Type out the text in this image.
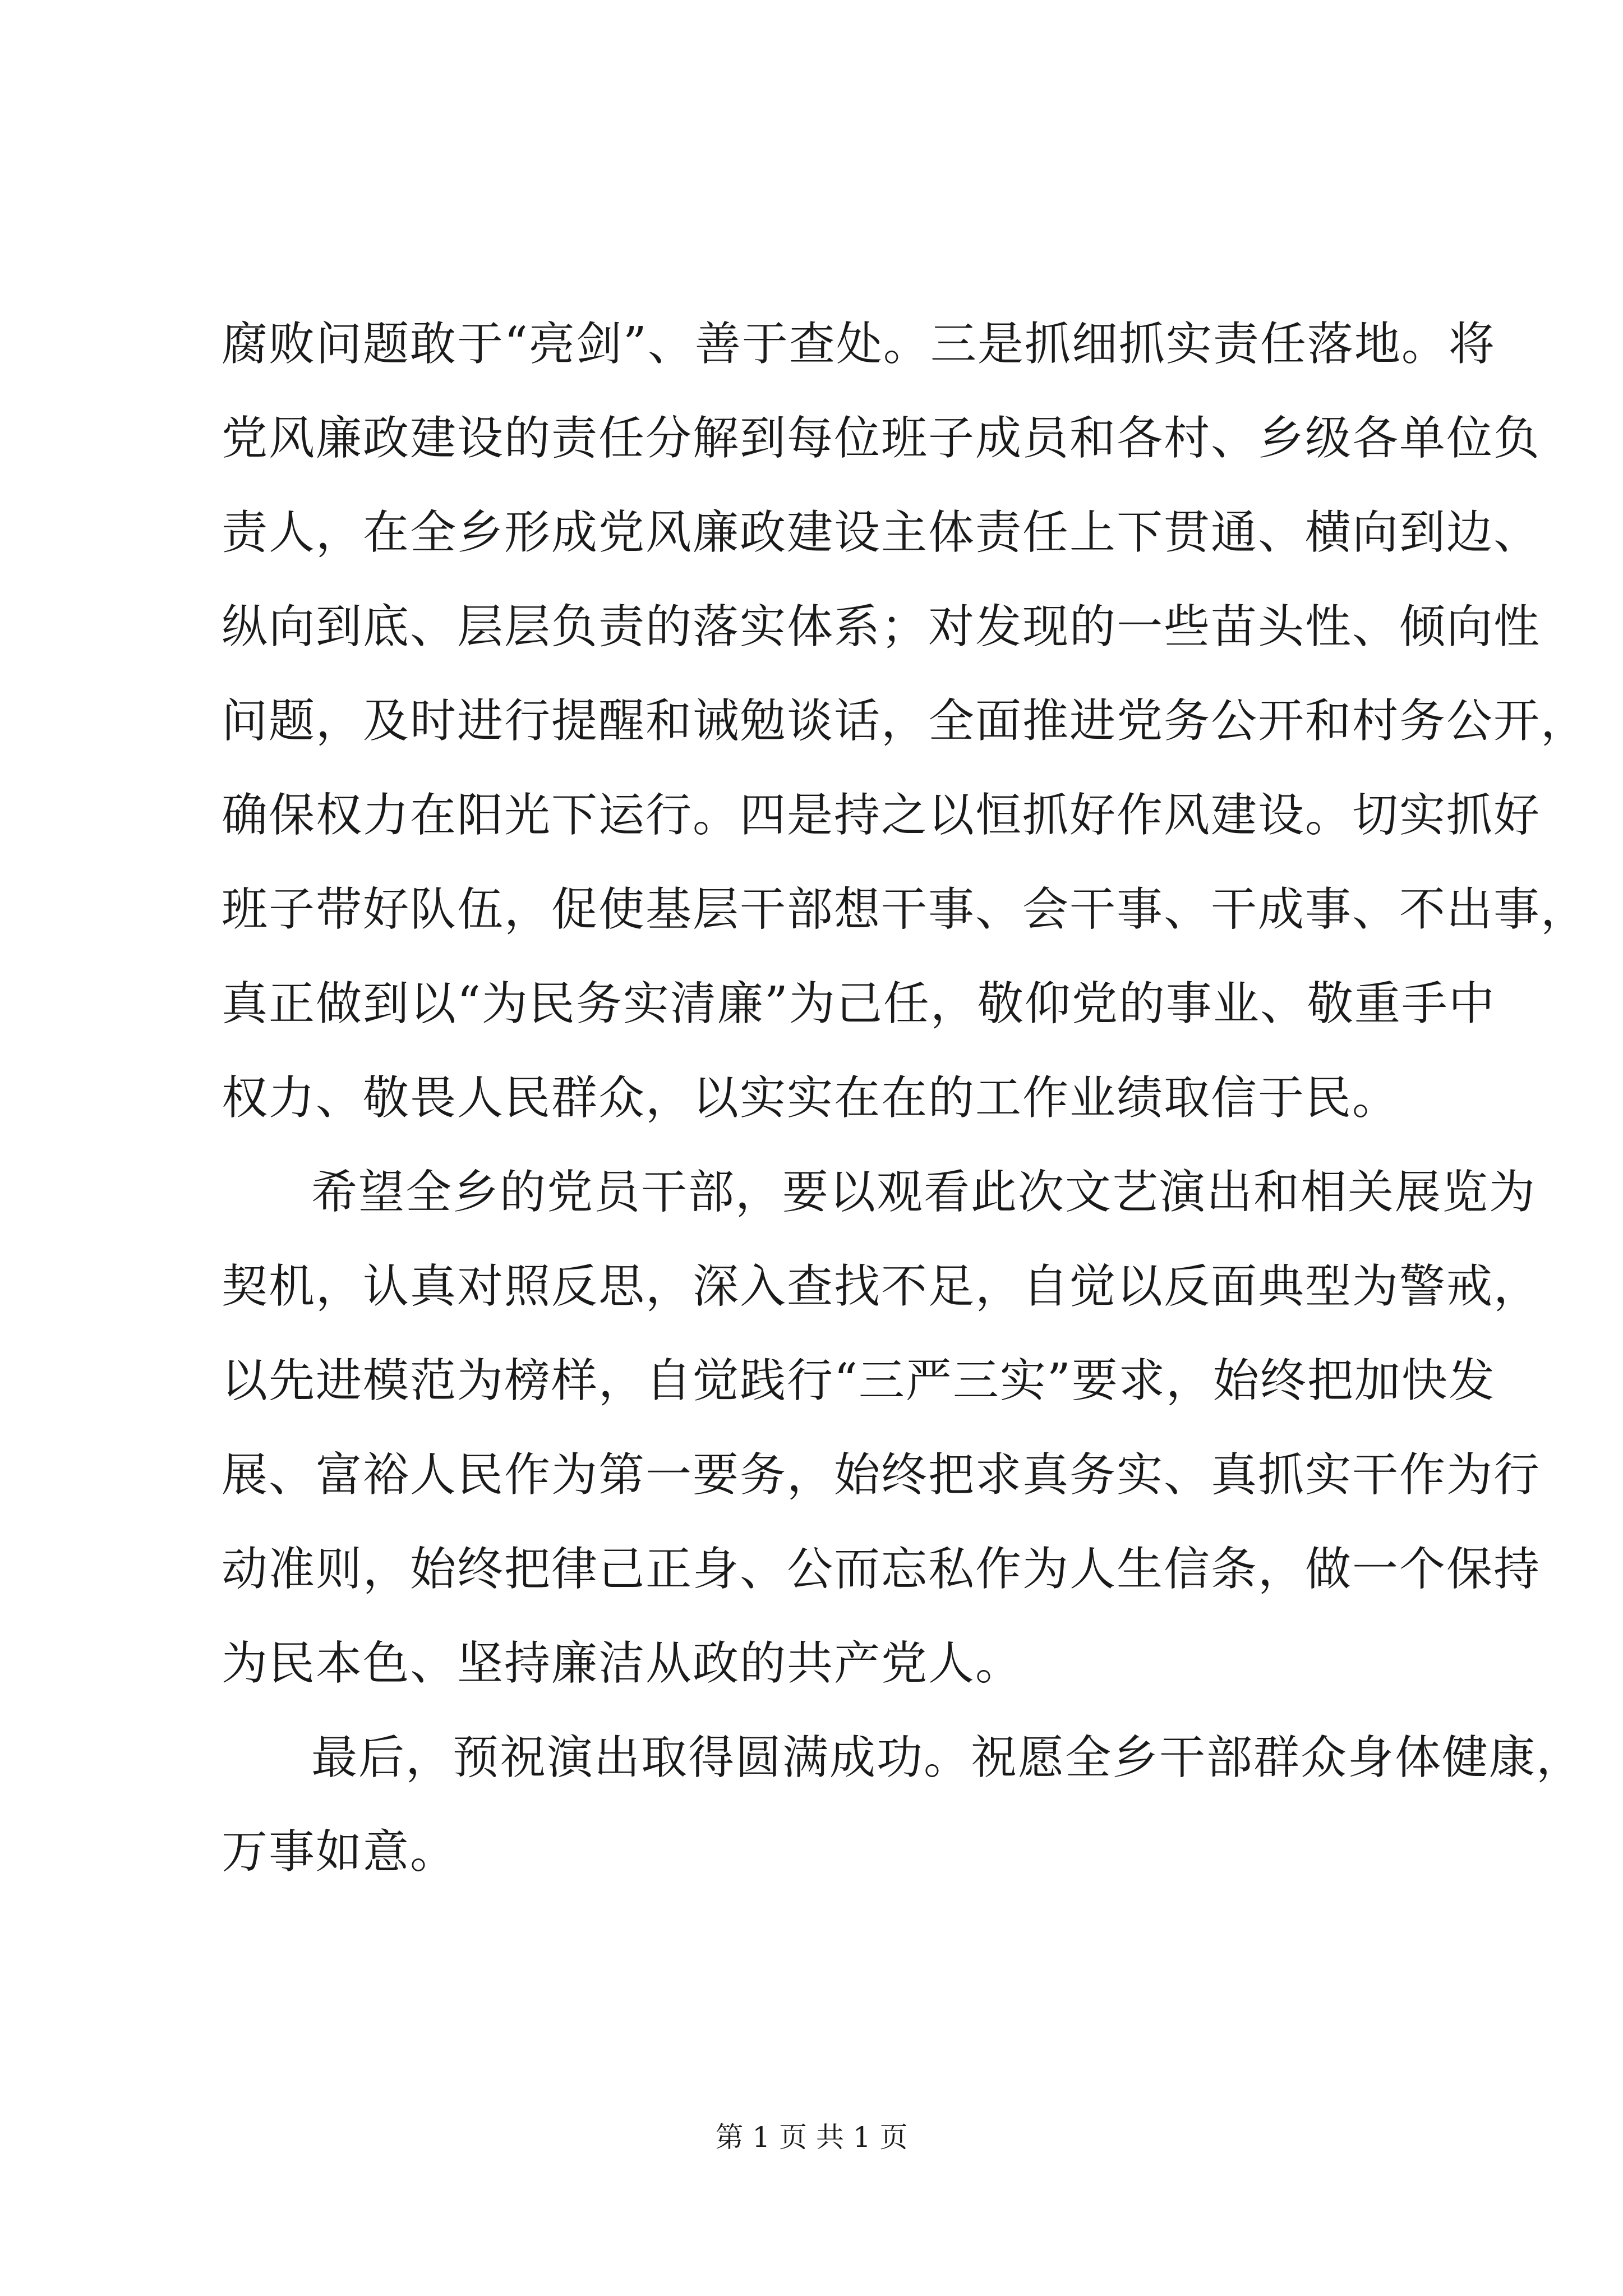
腐败问题敢于“亮剑”、善于查处。三是抓细抓实责任落地。将
党风廉政建设的责任分解到每位班子成员和各村、乡级各单位负
责人，在全乡形成党风廉政建设主体责任上下贯通、横向到边、
纵向到底、层层负责的落实体系；对发现的一些苗头性、倾向性
问题，及时进行提醒和诫勉谈话，全面推进党务公开和村务公开，
确保权力在阳光下运行。四是持之以恒抓好作风建设。切实抓好
班子带好队伍，促使基层干部想干事、会干事、干成事、不出事，
真正做到以“为民务实清廉”为己任，敬仰党的事业、敬重手中
权力、敬畏人民群众，以实实在在的工作业绩取信于民。
希望全乡的党员干部，要以观看此次文艺演出和相关展览为
契机，认真对照反思，深入查找不足，自觉以反面典型为警戒，
以先进模范为榜样，自觉践行“三严三实”要求，始终把加快发
展、富裕人民作为第一要务，始终把求真务实、真抓实干作为行
动准则，始终把律己正身、公而忘私作为人生信条，做一个保持
为民本色、坚持廉洁从政的共产党人。
最后，预祝演出取得圆满成功。祝愿全乡干部群众身体健康，
万事如意。
第 1 页 共 1 页
